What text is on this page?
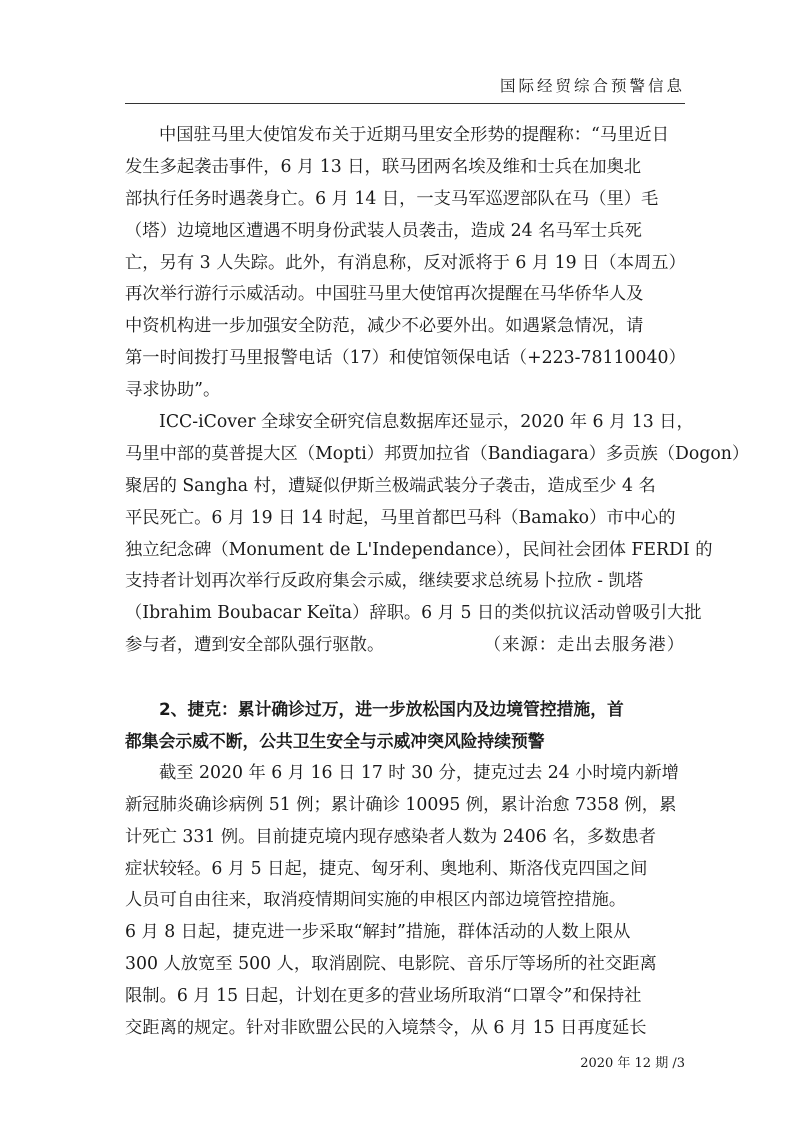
国际经贸综合预警信息
中国驻马里大使馆发布关于近期马里安全形势的提醒称：“马里近日
发生多起袭击事件，6 月 13 日，联马团两名埃及维和士兵在加奥北
部执行任务时遇袭身亡。6 月 14 日，一支马军巡逻部队在马（里）毛
（塔）边境地区遭遇不明身份武装人员袭击，造成 24 名马军士兵死
亡，另有 3 人失踪。此外，有消息称，反对派将于 6 月 19 日（本周五）
再次举行游行示威活动。中国驻马里大使馆再次提醒在马华侨华人及
中资机构进一步加强安全防范，减少不必要外出。如遇紧急情况，请
第一时间拨打马里报警电话（17）和使馆领保电话（+223-78110040）
寻求协助”。
ICC-iCover 全球安全研究信息数据库还显示，2020 年 6 月 13 日，
马里中部的莫普提大区（Mopti）邦贾加拉省（Bandiagara）多贡族（Dogon）
聚居的 Sangha 村，遭疑似伊斯兰极端武装分子袭击，造成至少 4 名
平民死亡。6 月 19 日 14 时起，马里首都巴马科（Bamako）市中心的
独立纪念碑（Monument de L'Independance），民间社会团体 FERDI 的
支持者计划再次举行反政府集会示威，继续要求总统易卜拉欣 - 凯塔
（Ibrahim Boubacar Keïta）辞职。6 月 5 日的类似抗议活动曾吸引大批
参与者，遭到安全部队强行驱散。	（来源：走出去服务港）
2、捷克：累计确诊过万，进一步放松国内及边境管控措施，首
都集会示威不断，公共卫生安全与示威冲突风险持续预警
截至 2020 年 6 月 16 日 17 时 30 分，捷克过去 24 小时境内新增
新冠肺炎确诊病例 51 例；累计确诊 10095 例，累计治愈 7358 例，累
计死亡 331 例。目前捷克境内现存感染者人数为 2406 名，多数患者
症状较轻。6 月 5 日起，捷克、匈牙利、奥地利、斯洛伐克四国之间
人员可自由往来，取消疫情期间实施的申根区内部边境管控措施。
6 月 8 日起，捷克进一步采取“解封”措施，群体活动的人数上限从
300 人放宽至 500 人，取消剧院、电影院、音乐厅等场所的社交距离
限制。6 月 15 日起，计划在更多的营业场所取消“口罩令”和保持社
交距离的规定。针对非欧盟公民的入境禁令，从 6 月 15 日再度延长
2020 年 12 期 /3
